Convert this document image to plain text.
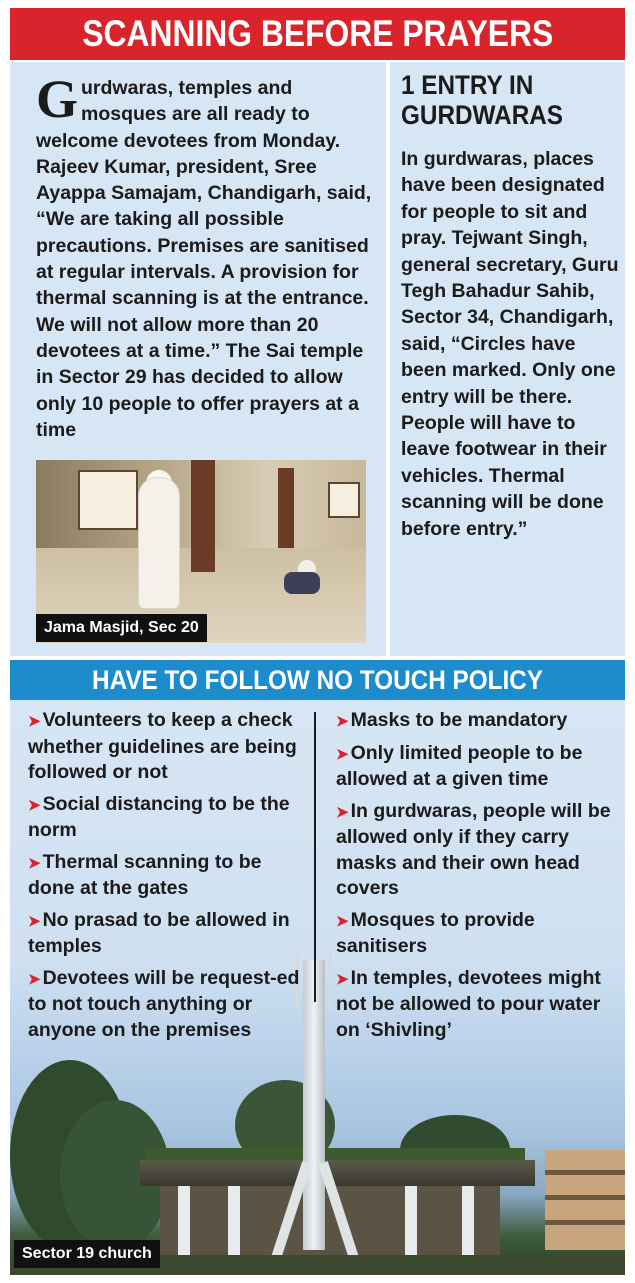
SCANNING BEFORE PRAYERS
Gurdwaras, temples and mosques are all ready to welcome devotees from Monday. Rajeev Kumar, president, Sree Ayappa Samajam, Chandigarh, said, “We are taking all possible precautions. Premises are sanitised at regular intervals. A provision for thermal scanning is at the entrance. We will not allow more than 20 devotees at a time.” The Sai temple in Sector 29 has decided to allow only 10 people to offer prayers at a time
Jama Masjid, Sec 20
1 ENTRY IN
GURDWARAS
In gurdwaras, places have been designated for people to sit and pray. Tejwant Singh, general secretary, Guru Tegh Bahadur Sahib, Sector 34, Chandigarh, said, “Circles have been marked. Only one entry will be there. People will have to leave footwear in their vehicles. Thermal scanning will be done before entry.”
HAVE TO FOLLOW NO TOUCH POLICY
➤ Volunteers to keep a check whether guidelines are being followed or not
➤ Social distancing to be the norm
➤ Thermal scanning to be done at the gates
➤ No prasad to be allowed in temples
➤ Devotees will be request-ed to not touch anything or anyone on the premises
➤ Masks to be mandatory
➤ Only limited people to be allowed at a given time
➤ In gurdwaras, people will be allowed only if they carry masks and their own head covers
➤ Mosques to provide sanitisers
➤ In temples, devotees might not be allowed to pour water on ‘Shivling’
Sector 19 church
